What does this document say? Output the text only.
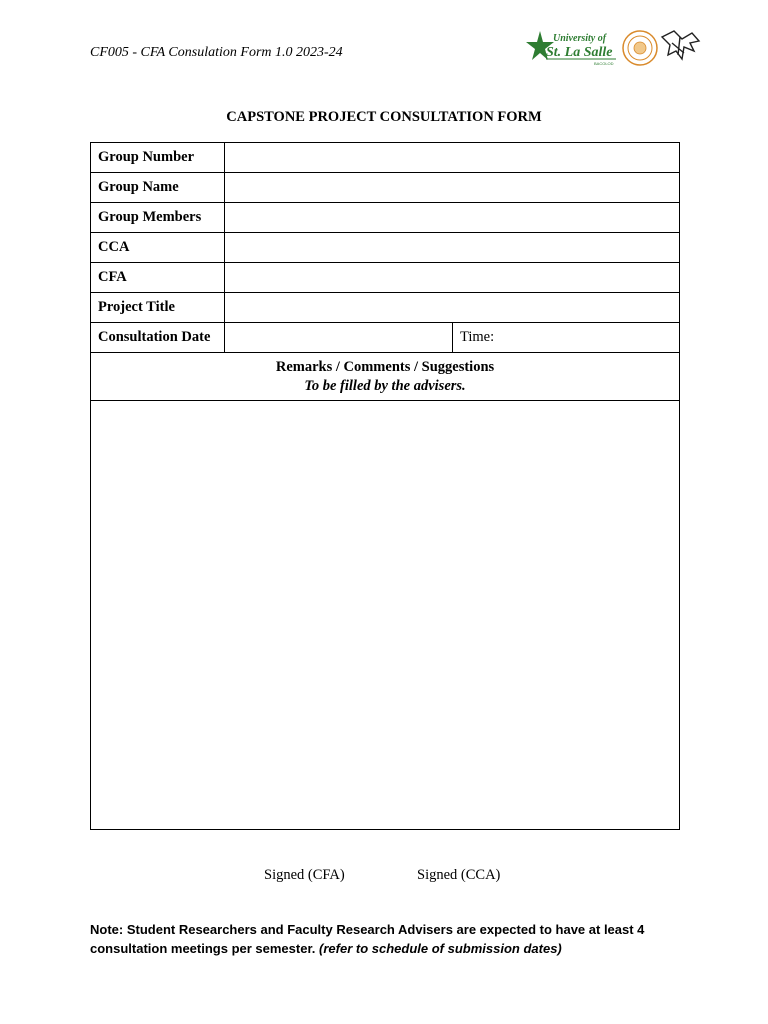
CF005 - CFA Consulation Form 1.0 2023-24
University of
St. La Salle
BACOLOD
CAPSTONE PROJECT CONSULTATION FORM
Group Number		
Group Name		
Group Members		
CCA		
CFA		
Project Title		
Consultation Date		Time:

Remarks / Comments / Suggestions
To be filled by the advisers.		

Signed (CFA)	Signed (CCA)
Note: Student Researchers and Faculty Research Advisers are expected to have at least 4 consultation meetings per semester. (refer to schedule of submission dates)
